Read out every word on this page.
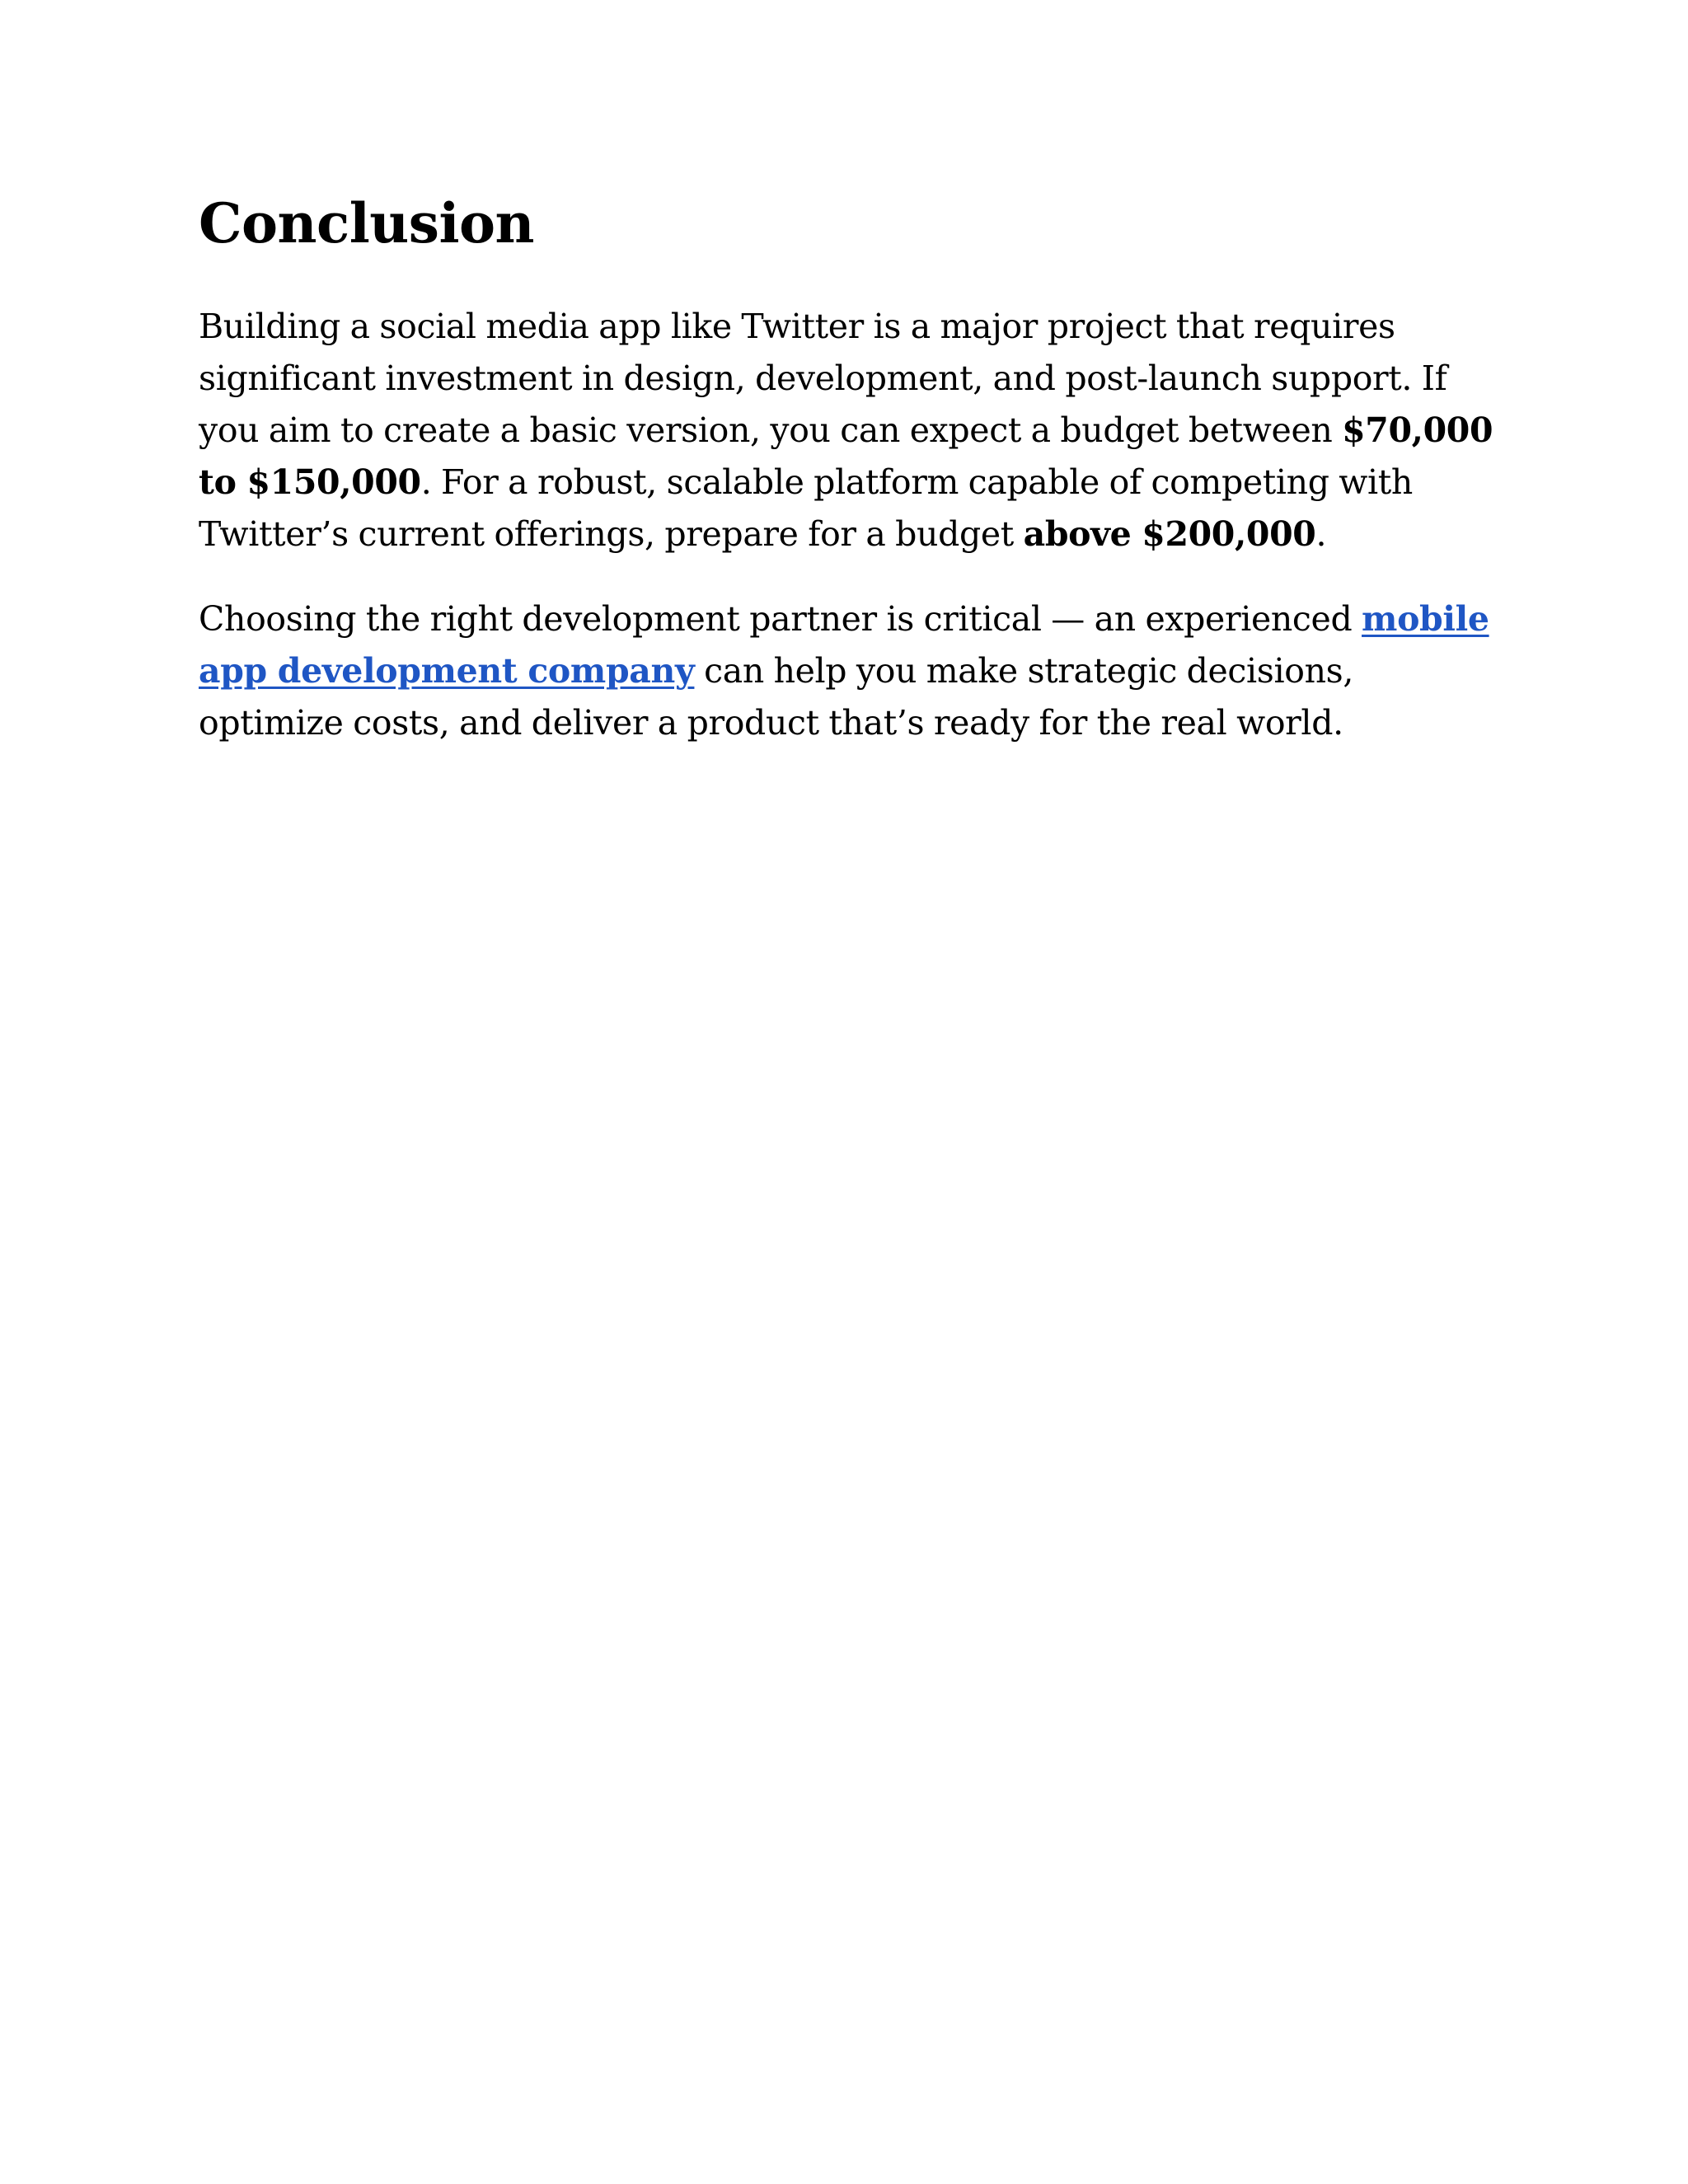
Conclusion

Building a social media app like Twitter is a major project that requires significant investment in design, development, and post-launch support. If you aim to create a basic version, you can expect a budget between $70,000 to $150,000. For a robust, scalable platform capable of competing with Twitter’s current offerings, prepare for a budget above $200,000.

Choosing the right development partner is critical — an experienced mobile app development company can help you make strategic decisions, optimize costs, and deliver a product that’s ready for the real world.
